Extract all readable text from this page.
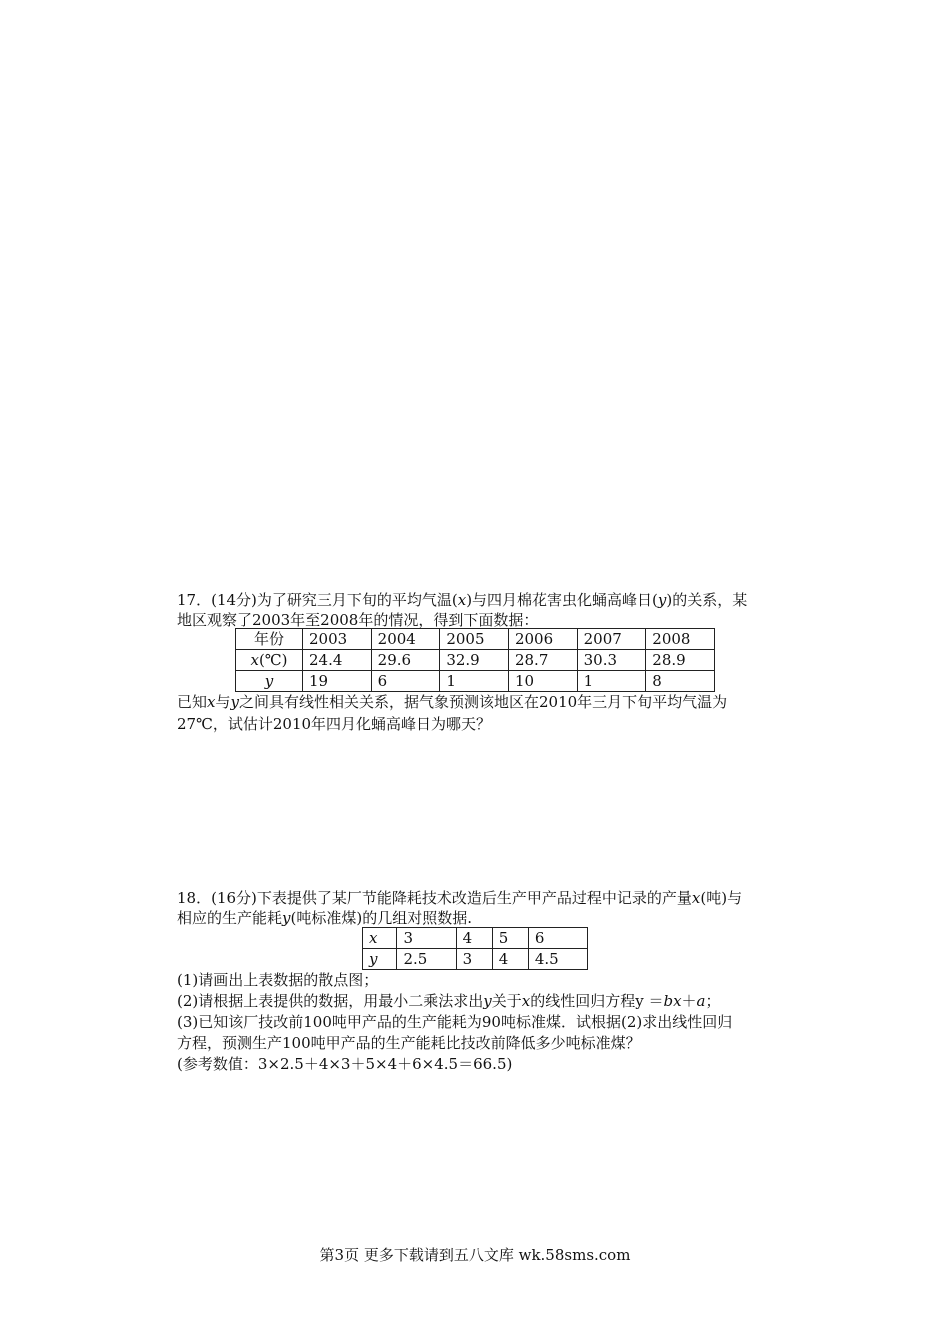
17．(14分)为了研究三月下旬的平均气温(x)与四月棉花害虫化蛹高峰日(y)的关系，某
地区观察了2003年至2008年的情况，得到下面数据：
年份	2003	2004	2005	2006	2007	2008
x(℃)	24.4	29.6	32.9	28.7	30.3	28.9
y	19	6	1	10	1	8
已知x与y之间具有线性相关关系，据气象预测该地区在2010年三月下旬平均气温为
27℃，试估计2010年四月化蛹高峰日为哪天？
18．(16分)下表提供了某厂节能降耗技术改造后生产甲产品过程中记录的产量x(吨)与
相应的生产能耗y(吨标准煤)的几组对照数据.
x	3	4	5	6
y	2.5	3	4	4.5
(1)请画出上表数据的散点图；
(2)请根据上表提供的数据，用最小二乘法求出y关于x的线性回归方程y ＝bx＋a；
(3)已知该厂技改前100吨甲产品的生产能耗为90吨标准煤．试根据(2)求出线性回归
方程，预测生产100吨甲产品的生产能耗比技改前降低多少吨标准煤？
(参考数值：3×2.5＋4×3＋5×4＋6×4.5＝66.5)
第3页 更多下载请到五八文库 wk.58sms.com
